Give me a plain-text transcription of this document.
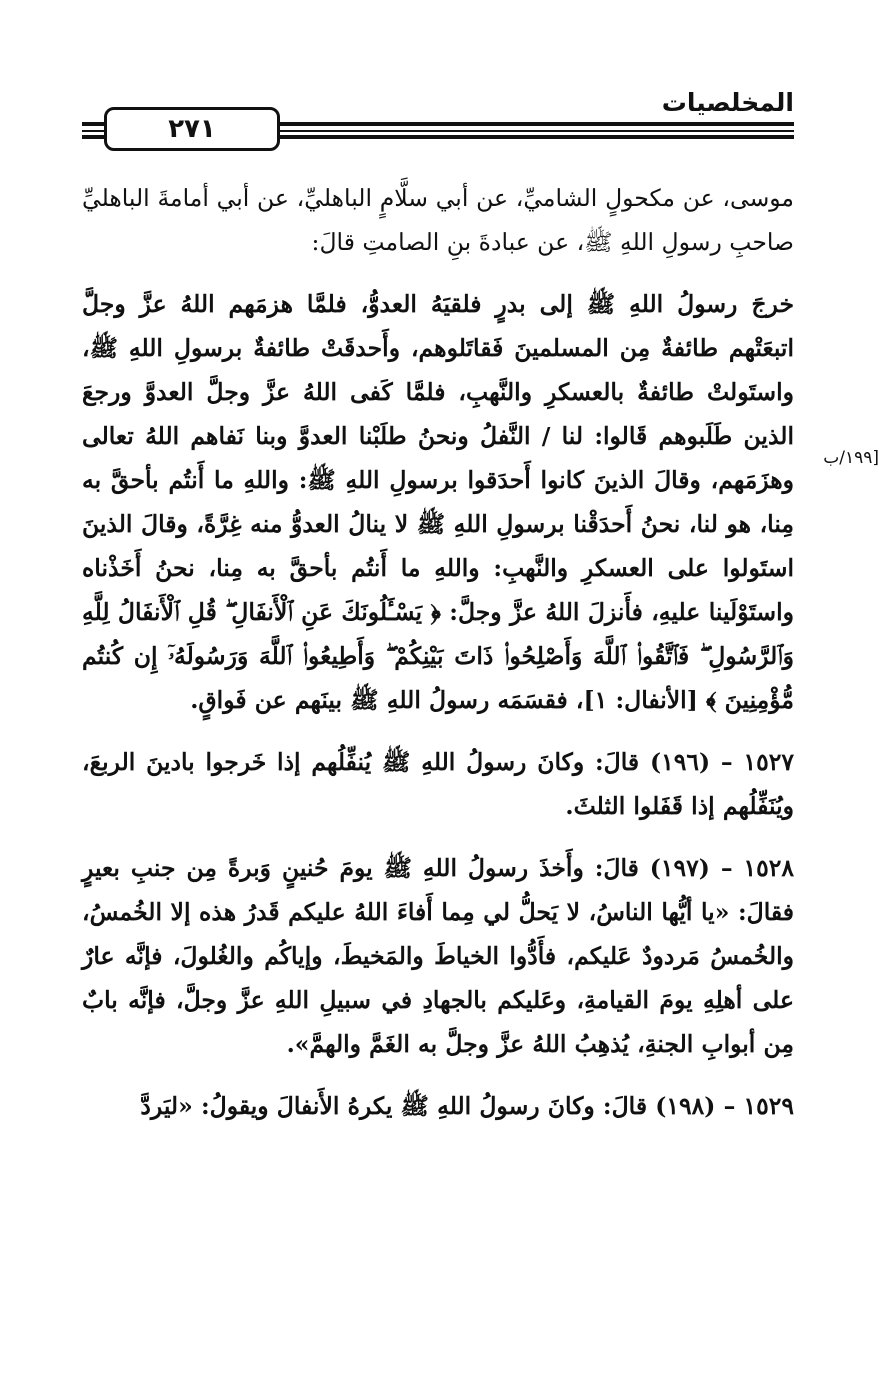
المخلصيات
٢٧١
[١٩٩/ب

موسى، عن مكحولٍ الشاميِّ، عن أبي سلَّامٍ الباهليِّ، عن أبي أمامةَ الباهليِّ صاحبِ رسولِ اللهِ ﷺ، عن عبادةَ بنِ الصامتِ قالَ:

خرجَ رسولُ اللهِ ﷺ إلى بدرٍ فلقيَهُ العدوُّ، فلمَّا هزمَهم اللهُ عزَّ وجلَّ اتبعَتْهم طائفةٌ مِن المسلمينَ فَقاتَلوهم، وأَحدقَتْ طائفةٌ برسولِ اللهِ ﷺ، واستَولتْ طائفةٌ بالعسكرِ والنَّهبِ، فلمَّا كَفى اللهُ عزَّ وجلَّ العدوَّ ورجعَ الذين طَلَبوهم قَالوا: لنا / النَّفلُ ونحنُ طلَبْنا العدوَّ وبنا نَفاهم اللهُ تعالى وهزَمَهم، وقالَ الذينَ كانوا أَحدَقوا برسولِ اللهِ ﷺ: واللهِ ما أَنتُم بأحقَّ به مِنا، هو لنا، نحنُ أَحدَقْنا برسولِ اللهِ ﷺ لا ينالُ العدوُّ منه غِرَّةً، وقالَ الذينَ استَولوا على العسكرِ والنَّهبِ: واللهِ ما أَنتُم بأحقَّ به مِنا، نحنُ أَخَذْناه واستَوْلَينا عليهِ، فأَنزلَ اللهُ عزَّ وجلَّ: ﴿ يَسْـَٔلُونَكَ عَنِ ٱلْأَنفَالِ ۖ قُلِ ٱلْأَنفَالُ لِلَّهِ وَٱلرَّسُولِ ۖ فَٱتَّقُوا۟ ٱللَّهَ وَأَصْلِحُوا۟ ذَاتَ بَيْنِكُمْ ۖ وَأَطِيعُوا۟ ٱللَّهَ وَرَسُولَهُۥٓ إِن كُنتُم مُّؤْمِنِينَ ﴾ [الأنفال: ١]، فقسَمَه رسولُ اللهِ ﷺ بينَهم عن فَواقٍ.

١٥٢٧ – (١٩٦) قالَ: وكانَ رسولُ اللهِ ﷺ يُنفِّلُهم إذا خَرجوا بادينَ الربعَ، ويُنَفِّلُهم إذا قَفَلوا الثلثَ.

١٥٢٨ – (١٩٧) قالَ: وأَخذَ رسولُ اللهِ ﷺ يومَ حُنينٍ وَبرةً مِن جنبِ بعيرٍ فقالَ: «يا أيُّها الناسُ، لا يَحلُّ لي مِما أَفاءَ اللهُ عليكم قَدرُ هذه إلا الخُمسُ، والخُمسُ مَردودٌ عَليكم، فأَدُّوا الخياطَ والمَخيطَ، وإياكُم والغُلولَ، فإنَّه عارٌ على أهلِهِ يومَ القيامةِ، وعَليكم بالجهادِ في سبيلِ اللهِ عزَّ وجلَّ، فإنَّه بابٌ مِن أبوابِ الجنةِ، يُذهِبُ اللهُ عزَّ وجلَّ به الغَمَّ والهمَّ».

١٥٢٩ – (١٩٨) قالَ: وكانَ رسولُ اللهِ ﷺ يكرهُ الأَنفالَ ويقولُ: «ليَردَّ
